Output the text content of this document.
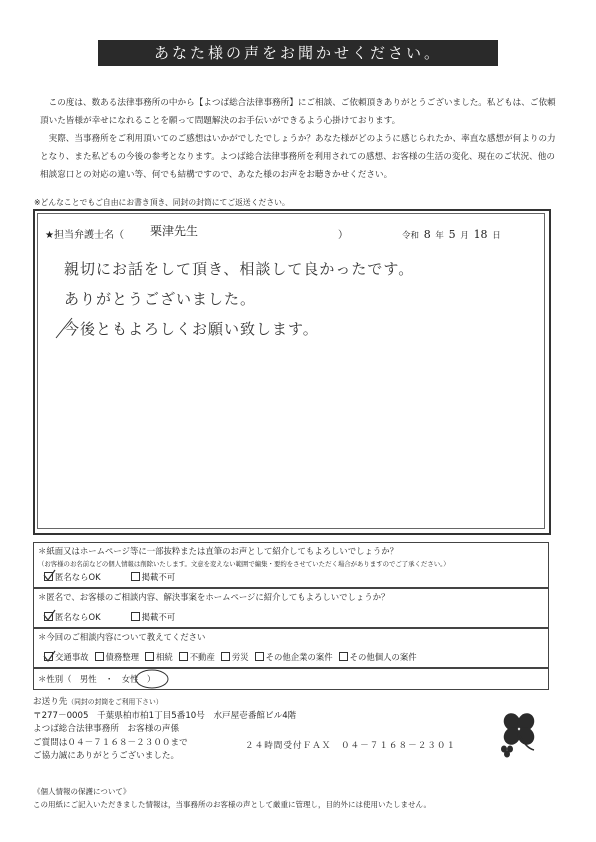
あなた様の声をお聞かせください。

この度は、数ある法律事務所の中から【よつば総合法律事務所】にご相談、ご依頼頂きありがとうございました。私どもは、ご依頼頂いた皆様が幸せになれることを願って問題解決のお手伝いができるよう心掛けております。

実際、当事務所をご利用頂いてのご感想はいかがでしたでしょうか？あなた様がどのように感じられたか、率直な感想が何よりの力となり、また私どもの今後の参考となります。よつば総合法律事務所を利用されての感想、お客様の生活の変化、現在のご状況、他の相談窓口との対応の違い等、何でも結構ですので、あなた様のお声をお聴きかせください。

※どんなことでもご自由にお書き頂き、同封の封筒にてご返送ください。
★担当弁護士名（ 栗津先生	）	令和 8 年 5 月 18 日
親切にお話をして頂き、相談して良かったです。
ありがとうございました。
今後ともよろしくお願い致します。
＊紙面又はホームページ等に一部抜粋または直筆のお声として紹介してもよろしいでしょうか？
（お客様のお名前などの個人情報は削除いたします。文意を変えない範囲で編集・要約をさせていただく場合がありますのでご了承ください。）
匿名ならOK	掲載不可
＊匿名で、お客様のご相談内容、解決事案をホームページに紹介してもよろしいでしょうか？
匿名ならOK	掲載不可
＊今回のご相談内容について教えてください
交通事故	債務整理	相続	不動産	労災	その他企業の案件	その他個人の案件
＊性別（　男性　・　女性　）
お送り先（同封の封筒をご利用下さい）
〒277－0005　千葉県柏市柏1丁目5番10号　水戸屋壱番館ビル4階
よつば総合法律事務所　お客様の声係
ご質問は０４－７１６８－２３００まで
ご協力誠にありがとうございました。
２４時間受付ＦＡＸ　０４－７１６８－２３０１
《個人情報の保護について》
この用紙にご記入いただきました情報は，当事務所のお客様の声として厳重に管理し，目的外には使用いたしません。
